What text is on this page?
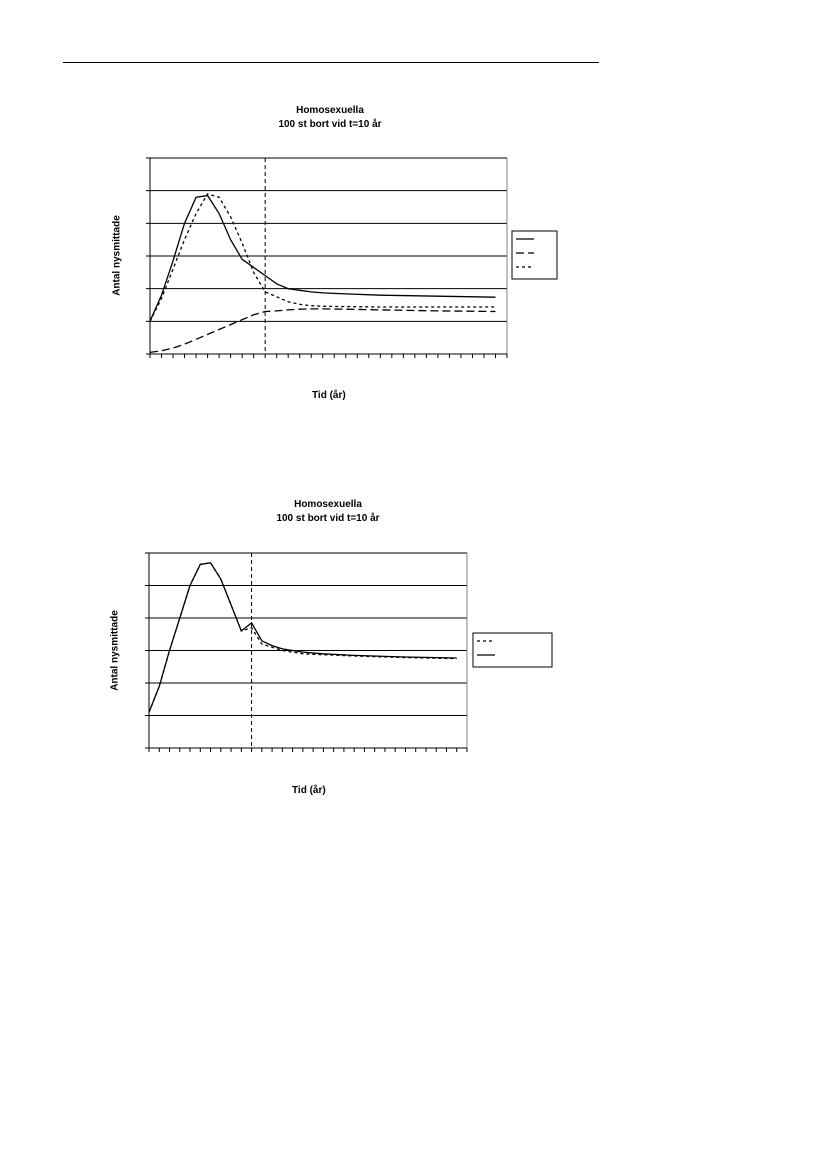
Homosexuella
100 st bort vid t=10 år
Antal nysmittade
Tid (år)
Homosexuella
100 st bort vid t=10 år
Antal nysmittade
Tid (år)
